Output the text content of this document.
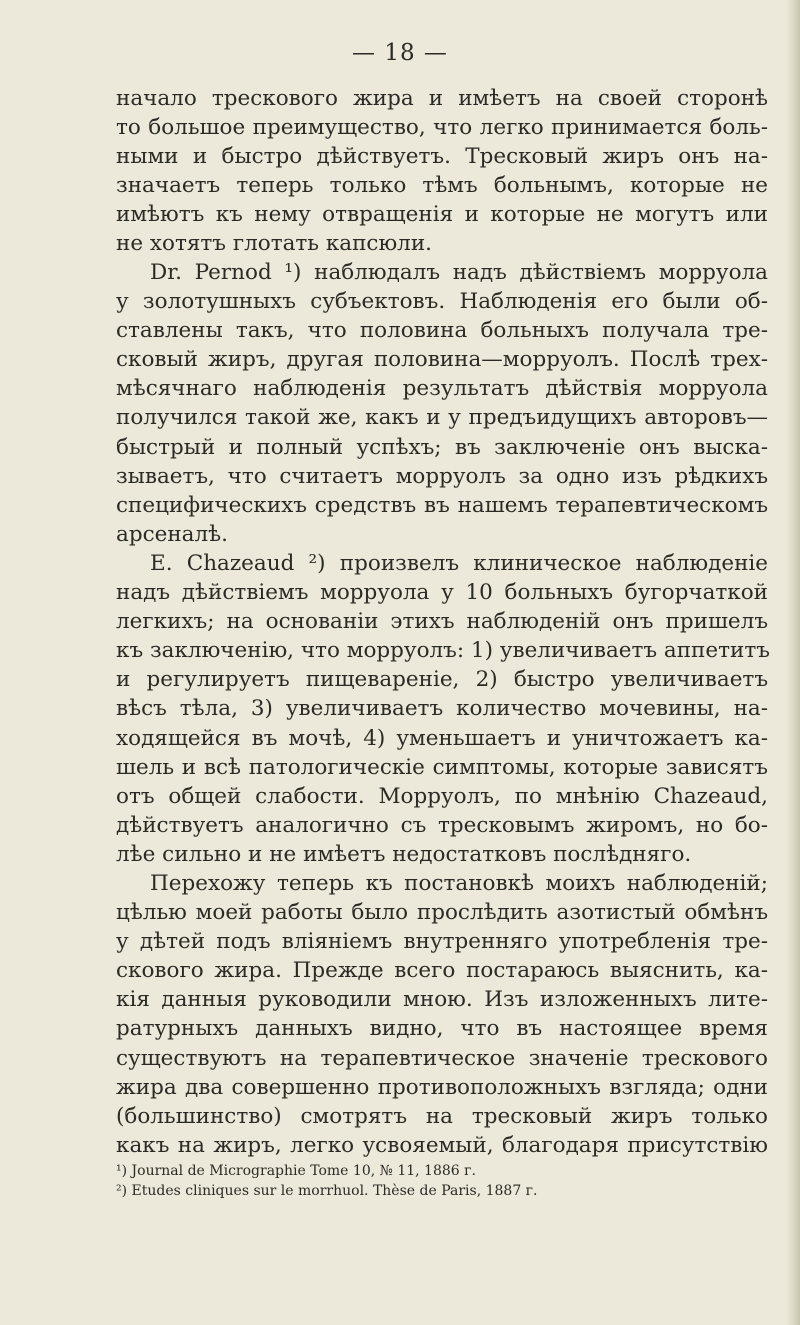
— 18 —
начало трескового жира и имѣетъ на своей сторонѣ
то большое преимущество, что легко принимается боль-
ными и быстро дѣйствуетъ. Тресковый жиръ онъ на-
значаетъ теперь только тѣмъ больнымъ, которые не
имѣютъ къ нему отвращенія и которые не могутъ или
не хотятъ глотать капсюли.
Dr. Pernod ¹) наблюдалъ надъ дѣйствіемъ морруола
у золотушныхъ субъектовъ. Наблюденія его были об-
ставлены такъ, что половина больныхъ получала тре-
сковый жиръ, другая половина—морруолъ. Послѣ трех-
мѣсячнаго наблюденія результатъ дѣйствія морруола
получился такой же, какъ и у предъидущихъ авторовъ—
быстрый и полный успѣхъ; въ заключеніе онъ выска-
зываетъ, что считаетъ морруолъ за одно изъ рѣдкихъ
специфическихъ средствъ въ нашемъ терапевтическомъ
арсеналѣ.
E. Chazeaud ²) произвелъ клиническое наблюденіе
надъ дѣйствіемъ морруола у 10 больныхъ бугорчаткой
легкихъ; на основаніи этихъ наблюденій онъ пришелъ
къ заключенію, что морруолъ: 1) увеличиваетъ аппетитъ
и регулируетъ пищевареніе, 2) быстро увеличиваетъ
вѣсъ тѣла, 3) увеличиваетъ количество мочевины, на-
ходящейся въ мочѣ, 4) уменьшаетъ и уничтожаетъ ка-
шель и всѣ патологическіе симптомы, которые зависятъ
отъ общей слабости. Морруолъ, по мнѣнію Chazeaud,
дѣйствуетъ аналогично съ тресковымъ жиромъ, но бо-
лѣе сильно и не имѣетъ недостатковъ послѣдняго.
Перехожу теперь къ постановкѣ моихъ наблюденій;
цѣлью моей работы было прослѣдить азотистый обмѣнъ
у дѣтей подъ вліяніемъ внутренняго употребленія тре-
скового жира. Прежде всего постараюсь выяснить, ка-
кія данныя руководили мною. Изъ изложенныхъ лите-
ратурныхъ данныхъ видно, что въ настоящее время
существуютъ на терапевтическое значеніе трескового
жира два совершенно противоположныхъ взгляда; одни
(большинство) смотрятъ на тресковый жиръ только
какъ на жиръ, легко усвояемый, благодаря присутствію
¹) Journal de Micrographie Tome 10, № 11, 1886 г.
²) Etudes cliniques sur le morrhuol. Thèse de Paris, 1887 г.
